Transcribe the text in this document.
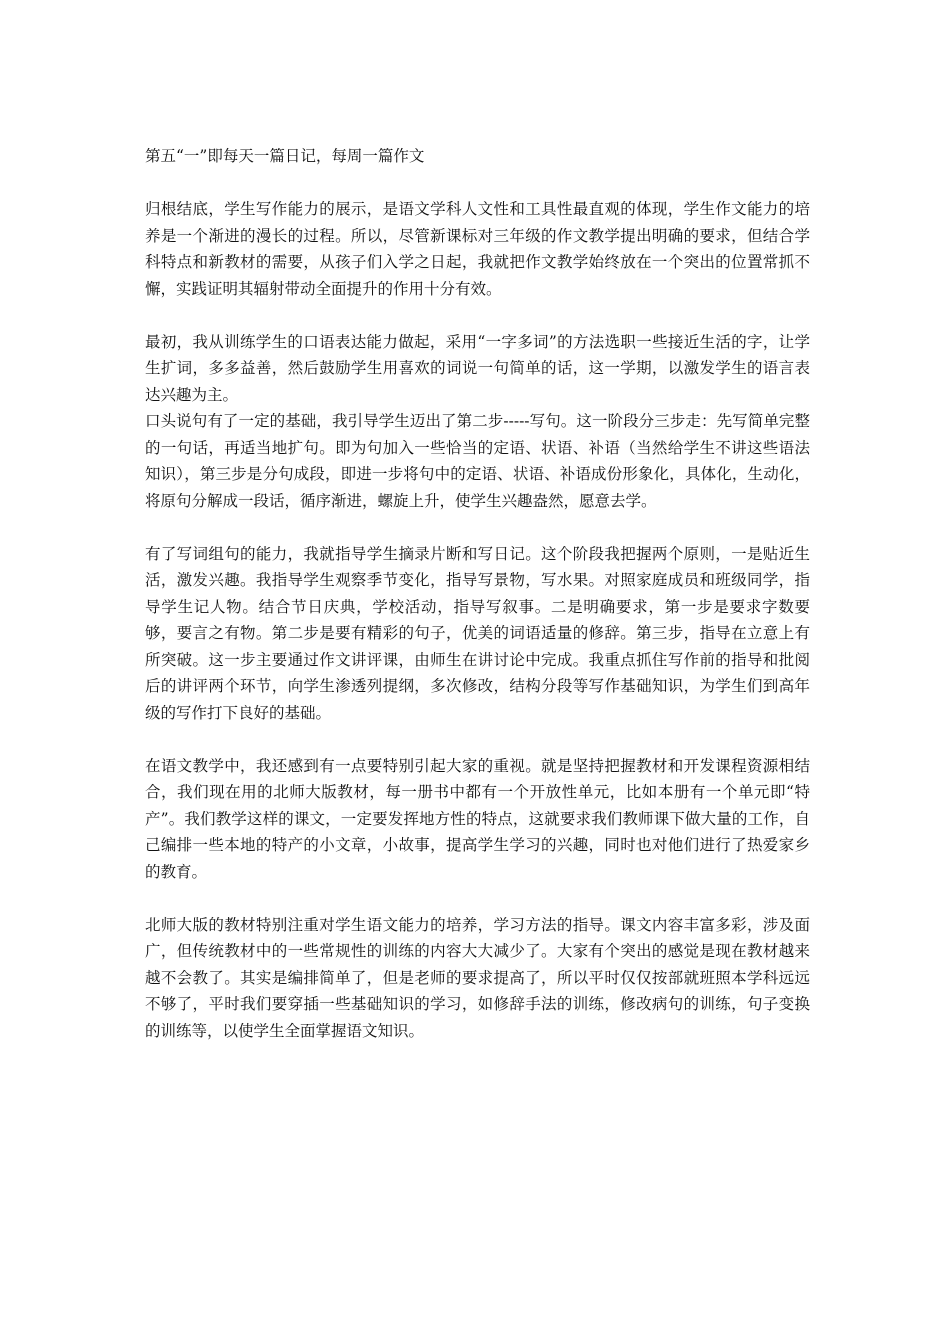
第五“一”即每天一篇日记，每周一篇作文

归根结底，学生写作能力的展示，是语文学科人文性和工具性最直观的体现，学生作文能力的培养是一个渐进的漫长的过程。所以，尽管新课标对三年级的作文教学提出明确的要求，但结合学科特点和新教材的需要，从孩子们入学之日起，我就把作文教学始终放在一个突出的位置常抓不懈，实践证明其辐射带动全面提升的作用十分有效。

最初，我从训练学生的口语表达能力做起，采用“一字多词”的方法选职一些接近生活的字，让学生扩词，多多益善，然后鼓励学生用喜欢的词说一句简单的话，这一学期，以激发学生的语言表达兴趣为主。

口头说句有了一定的基础，我引导学生迈出了第二步-----写句。这一阶段分三步走：先写简单完整的一句话，再适当地扩句。即为句加入一些恰当的定语、状语、补语（当然给学生不讲这些语法知识），第三步是分句成段，即进一步将句中的定语、状语、补语成份形象化，具体化，生动化，将原句分解成一段话，循序渐进，螺旋上升，使学生兴趣盎然，愿意去学。

有了写词组句的能力，我就指导学生摘录片断和写日记。这个阶段我把握两个原则，一是贴近生活，激发兴趣。我指导学生观察季节变化，指导写景物，写水果。对照家庭成员和班级同学，指导学生记人物。结合节日庆典，学校活动，指导写叙事。二是明确要求，第一步是要求字数要够，要言之有物。第二步是要有精彩的句子，优美的词语适量的修辞。第三步，指导在立意上有所突破。这一步主要通过作文讲评课，由师生在讲讨论中完成。我重点抓住写作前的指导和批阅后的讲评两个环节，向学生渗透列提纲，多次修改，结构分段等写作基础知识，为学生们到高年级的写作打下良好的基础。

在语文教学中，我还感到有一点要特别引起大家的重视。就是坚持把握教材和开发课程资源相结合，我们现在用的北师大版教材，每一册书中都有一个开放性单元，比如本册有一个单元即“特产”。我们教学这样的课文，一定要发挥地方性的特点，这就要求我们教师课下做大量的工作，自己编排一些本地的特产的小文章，小故事，提高学生学习的兴趣，同时也对他们进行了热爱家乡的教育。

北师大版的教材特别注重对学生语文能力的培养，学习方法的指导。课文内容丰富多彩，涉及面广，但传统教材中的一些常规性的训练的内容大大减少了。大家有个突出的感觉是现在教材越来越不会教了。其实是编排简单了，但是老师的要求提高了，所以平时仅仅按部就班照本学科远远不够了，平时我们要穿插一些基础知识的学习，如修辞手法的训练，修改病句的训练，句子变换的训练等，以使学生全面掌握语文知识。
